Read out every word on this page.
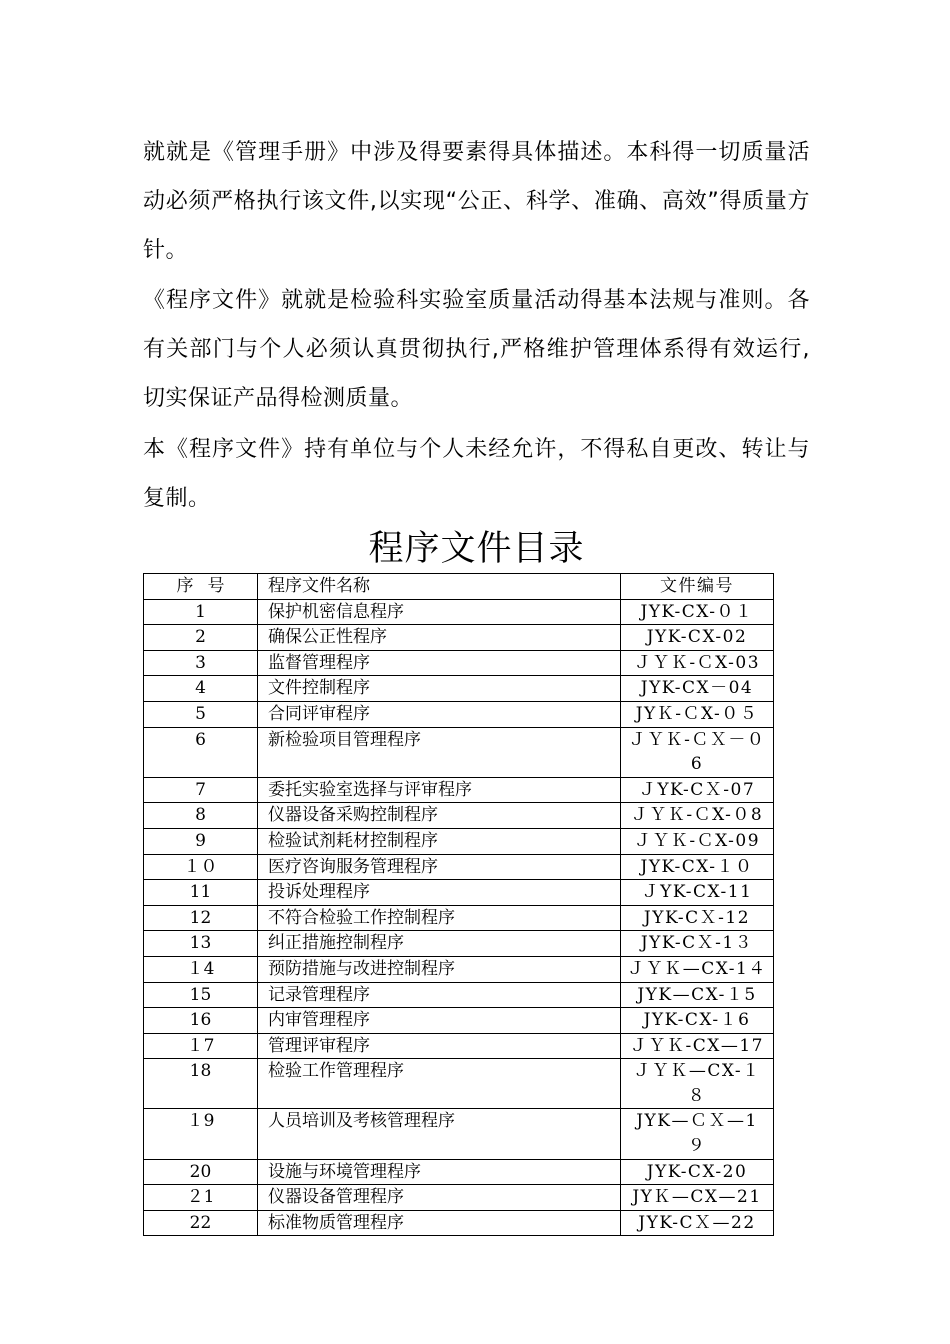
就就是《管理手册》中涉及得要素得具体描述。本科得一切质量活动必须严格执行该文件,以实现“公正、科学、准确、高效”得质量方针。

《程序文件》就就是检验科实验室质量活动得基本法规与准则。各有关部门与个人必须认真贯彻执行,严格维护管理体系得有效运行,切实保证产品得检测质量。

本《程序文件》持有单位与个人未经允许，不得私自更改、转让与复制。

程序文件目录
序号	程序文件名称	文件编号
1	保护机密信息程序	JYK-CX-０１
2	确保公正性程序	JYK-CX-02
3	监督管理程序	ＪＹＫ-ＣX-03
4	文件控制程序	JYK-CX－04
5	合同评审程序	JYＫ-ＣX-０５
6	新检验项目管理程序	ＪＹＫ-ＣＸ－０6
7	委托实验室选择与评审程序	ＪYK-CＸ-07
8	仪器设备采购控制程序	ＪＹＫ-ＣX-０8
9	检验试剂耗材控制程序	ＪＹＫ-ＣX-09
１０	医疗咨询服务管理程序	JYK-CX-１０
11	投诉处理程序	ＪYK-CX-11
12	不符合检验工作控制程序	JYK-CＸ-12
13	纠正措施控制程序	JYK-CＸ-1３
１4	预防措施与改进控制程序	ＪＹＫ—CX-1４
15	记录管理程序	JYK—CX-１5
16	内审管理程序	JYK-CX-１6
１7	管理评审程序	ＪＹＫ-CX—17
18	检验工作管理程序	ＪＹＫ—CX-１８
１9	人员培训及考核管理程序	JYK—ＣＸ—1９
20	设施与环境管理程序	JYK-CX-20
２1	仪器设备管理程序	JYＫ—CX—21
22	标准物质管理程序	JYK-CＸ—22
